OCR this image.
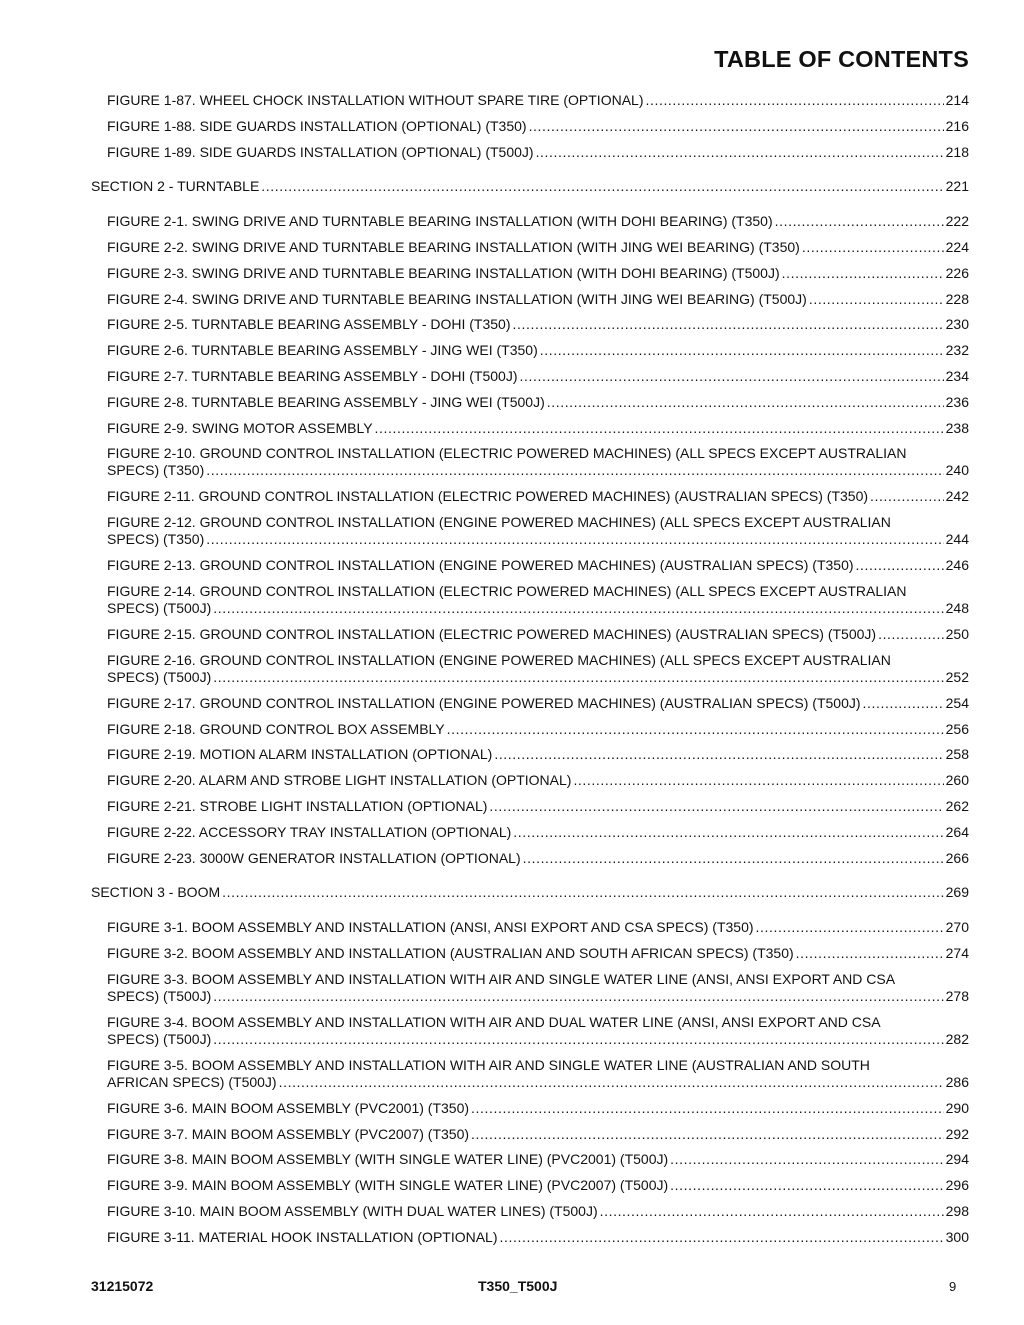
TABLE OF CONTENTS
FIGURE 1-87. WHEEL CHOCK INSTALLATION WITHOUT SPARE TIRE (OPTIONAL) .....	214
FIGURE 1-88. SIDE GUARDS INSTALLATION (OPTIONAL) (T350) .....	216
FIGURE 1-89. SIDE GUARDS INSTALLATION (OPTIONAL) (T500J) .....	218
SECTION 2 - TURNTABLE .....	221
FIGURE 2-1. SWING DRIVE AND TURNTABLE BEARING INSTALLATION (WITH DOHI BEARING) (T350) .....	222
FIGURE 2-2. SWING DRIVE AND TURNTABLE BEARING INSTALLATION (WITH JING WEI BEARING) (T350) .....	224
FIGURE 2-3. SWING DRIVE AND TURNTABLE BEARING INSTALLATION (WITH DOHI BEARING) (T500J) .....	226
FIGURE 2-4. SWING DRIVE AND TURNTABLE BEARING INSTALLATION (WITH JING WEI BEARING) (T500J) .....	228
FIGURE 2-5. TURNTABLE BEARING ASSEMBLY - DOHI (T350) .....	230
FIGURE 2-6. TURNTABLE BEARING ASSEMBLY - JING WEI (T350) .....	232
FIGURE 2-7. TURNTABLE BEARING ASSEMBLY - DOHI (T500J) .....	234
FIGURE 2-8. TURNTABLE BEARING ASSEMBLY - JING WEI (T500J) .....	236
FIGURE 2-9. SWING MOTOR ASSEMBLY .....	238
FIGURE 2-10. GROUND CONTROL INSTALLATION (ELECTRIC POWERED MACHINES) (ALL SPECS EXCEPT AUSTRALIAN
SPECS) (T350) .....	240
FIGURE 2-11. GROUND CONTROL INSTALLATION (ELECTRIC POWERED MACHINES) (AUSTRALIAN SPECS) (T350) .....	242
FIGURE 2-12. GROUND CONTROL INSTALLATION (ENGINE POWERED MACHINES) (ALL SPECS EXCEPT AUSTRALIAN
SPECS) (T350) .....	244
FIGURE 2-13. GROUND CONTROL INSTALLATION (ENGINE POWERED MACHINES) (AUSTRALIAN SPECS) (T350) .....	246
FIGURE 2-14. GROUND CONTROL INSTALLATION (ELECTRIC POWERED MACHINES) (ALL SPECS EXCEPT AUSTRALIAN
SPECS) (T500J) .....	248
FIGURE 2-15. GROUND CONTROL INSTALLATION (ELECTRIC POWERED MACHINES) (AUSTRALIAN SPECS) (T500J) .....	250
FIGURE 2-16. GROUND CONTROL INSTALLATION (ENGINE POWERED MACHINES) (ALL SPECS EXCEPT AUSTRALIAN
SPECS) (T500J) .....	252
FIGURE 2-17. GROUND CONTROL INSTALLATION (ENGINE POWERED MACHINES) (AUSTRALIAN SPECS) (T500J) .....	254
FIGURE 2-18. GROUND CONTROL BOX ASSEMBLY .....	256
FIGURE 2-19. MOTION ALARM INSTALLATION (OPTIONAL) .....	258
FIGURE 2-20. ALARM AND STROBE LIGHT INSTALLATION (OPTIONAL) .....	260
FIGURE 2-21. STROBE LIGHT INSTALLATION (OPTIONAL) .....	262
FIGURE 2-22. ACCESSORY TRAY INSTALLATION (OPTIONAL) .....	264
FIGURE 2-23. 3000W GENERATOR INSTALLATION (OPTIONAL) .....	266
SECTION 3 - BOOM .....	269
FIGURE 3-1. BOOM ASSEMBLY AND INSTALLATION (ANSI, ANSI EXPORT AND CSA SPECS) (T350) .....	270
FIGURE 3-2. BOOM ASSEMBLY AND INSTALLATION (AUSTRALIAN AND SOUTH AFRICAN SPECS) (T350) .....	274
FIGURE 3-3. BOOM ASSEMBLY AND INSTALLATION WITH AIR AND SINGLE WATER LINE (ANSI, ANSI EXPORT AND CSA
SPECS) (T500J) .....	278
FIGURE 3-4. BOOM ASSEMBLY AND INSTALLATION WITH AIR AND DUAL WATER LINE (ANSI, ANSI EXPORT AND CSA
SPECS) (T500J) .....	282
FIGURE 3-5. BOOM ASSEMBLY AND INSTALLATION WITH AIR AND SINGLE WATER LINE (AUSTRALIAN AND SOUTH
AFRICAN SPECS) (T500J) .....	286
FIGURE 3-6. MAIN BOOM ASSEMBLY (PVC2001) (T350) .....	290
FIGURE 3-7. MAIN BOOM ASSEMBLY (PVC2007) (T350) .....	292
FIGURE 3-8. MAIN BOOM ASSEMBLY (WITH SINGLE WATER LINE) (PVC2001) (T500J) .....	294
FIGURE 3-9. MAIN BOOM ASSEMBLY (WITH SINGLE WATER LINE) (PVC2007) (T500J) .....	296
FIGURE 3-10. MAIN BOOM ASSEMBLY (WITH DUAL WATER LINES) (T500J) .....	298
FIGURE 3-11. MATERIAL HOOK INSTALLATION (OPTIONAL) .....	300
31215072	T350_T500J	9
